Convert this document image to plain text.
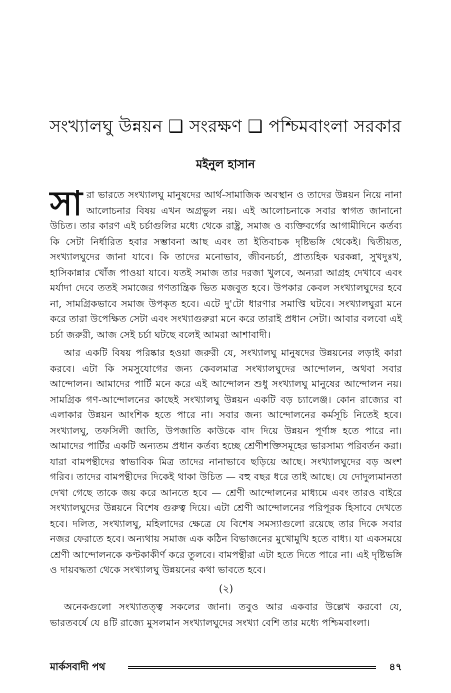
সংখ্যালঘু উন্নয়ন ❑ সংরক্ষণ ❑ পশ্চিমবাংলা সরকার
মইনুল হাসান

সারা ভারতে সংখ্যালঘু মানুষদের আর্থ-সামাজিক অবস্থান ও তাদের উন্নয়ন নিয়ে নানা আলোচনার বিষয় এখন অগ্রভুল নয়। এই আলোচনাকে সবার স্বাগত জানানো উচিত। তার কারণ এই চর্চাগুলির মধ্যে থেকে রাষ্ট্র, সমাজ ও ব্যক্তিবর্গের আগামীদিনে কর্তব্য কি সেটা নির্ধারিত হবার সম্ভাবনা আছ এবং তা ইতিবাচক দৃষ্টিভঙ্গি থেকেই। দ্বিতীয়ত, সংখ্যালঘুদের জানা যাবে। কি তাদের মনোভাব, জীবনচর্চা, প্রাত্যহিক ঘরকন্না, সুখদুঃখ, হাসিকান্নার খোঁজ পাওয়া যাবে। যতই সমাজ তার দরজা খুলবে, অন্যরা আগ্রহ দেখাবে এবং মর্যাদা দেবে ততই সমাজের গণতান্ত্রিক ভিত মজবুত হবে। উপকার কেবল সংখ্যালঘুদের হবে না, সামগ্রিকভাবে সমাজ উপকৃত হবে। এটে দু'টো ধারণার সমাপ্তি ঘটবে। সংখ্যালঘুরা মনে করে তারা উপেক্ষিত সেটা এবং সংখ্যাগুরুরা মনে করে তারাই প্রধান সেটা। আবার বলবো এই চর্চা জরুরী, আজ সেই চর্চা ঘটছে বলেই আমরা আশাবাদী।

আর একটি বিষয় পরিষ্কার হওয়া জরুরী যে, সংখ্যালঘু মানুষদের উন্নয়নের লড়াই কারা করবে। এটা কি সমসুযোগের জন্য কেবলমাত্র সংখ্যালঘুদের আন্দোলন, অথবা সবার আন্দোলন। আমাদের পার্টি মনে করে এই আন্দোলন শুধু সংখ্যালঘু মানুষের আন্দোলন নয়। সামগ্রিক গণ-আন্দোলনের কাছেই সংখ্যালঘু উন্নয়ন একটি বড় চ্যালেঞ্জ। কোন রাজ্যের বা এলাকার উন্নয়ন আংশিক হতে পারে না। সবার জন্য আন্দোলনের কর্মসূচি নিতেই হবে। সংখ্যালঘু, তফসিলী জাতি, উপজাতি কাউকে বাদ দিয়ে উন্নয়ন পূর্ণাঙ্গ হতে পারে না। আমাদের পার্টির একটি অন্যতম প্রধান কর্তব্য হচ্ছে শ্রেণীশক্তিসমূহের ভারসাম্য পরিবর্তন করা। যারা বামপন্থীদের স্বাভাবিক মিত্র তাদের নানাভাবে ছড়িয়ে আছে। সংখ্যালঘুদের বড় অংশ গরিব। তাদের বামপন্থীদের দিকেই থাকা উচিত — বহু বছর ধরে তাই আছে। যে দোদুল্যমানতা দেখা গেছে তাকে জয় করে আনতে হবে — শ্রেণী আন্দোলনের মাধ্যমে এবং তারও বাইরে সংখ্যালঘুদের উন্নয়নে বিশেষ গুরুত্ব দিয়ে। এটা শ্রেণী আন্দোলনের পরিপূরক হিসাবে দেখতে হবে। দলিত, সংখ্যালঘু, মহিলাদের ক্ষেত্রে যে বিশেষ সমস্যাগুলো রয়েছে তার দিকে সবার নজর ফেরাতে হবে। অন্যথায় সমাজ এক কঠিন বিভাজনের মুখোমুখি হতে বাধ্য। যা একসময়ে শ্রেণী আন্দোলনকে কণ্টকাকীর্ণ করে তুলবে। বামপন্থীরা এটা হতে দিতে পারে না। এই দৃষ্টিভঙ্গি ও দায়বদ্ধতা থেকে সংখ্যালঘু উন্নয়নের কথা ভাবতে হবে।

(২)

অনেকগুলো সংখ্যাতত্ত্ব সকলের জানা। তবুও আর একবার উল্লেখ করবো যে, ভারতবর্ষে যে ৪টি রাজ্যে মুসলমান সংখ্যালঘুদের সংখ্যা বেশি তার মধ্যে পশ্চিমবাংলা।

মার্কসবাদী পথ	৪৭
